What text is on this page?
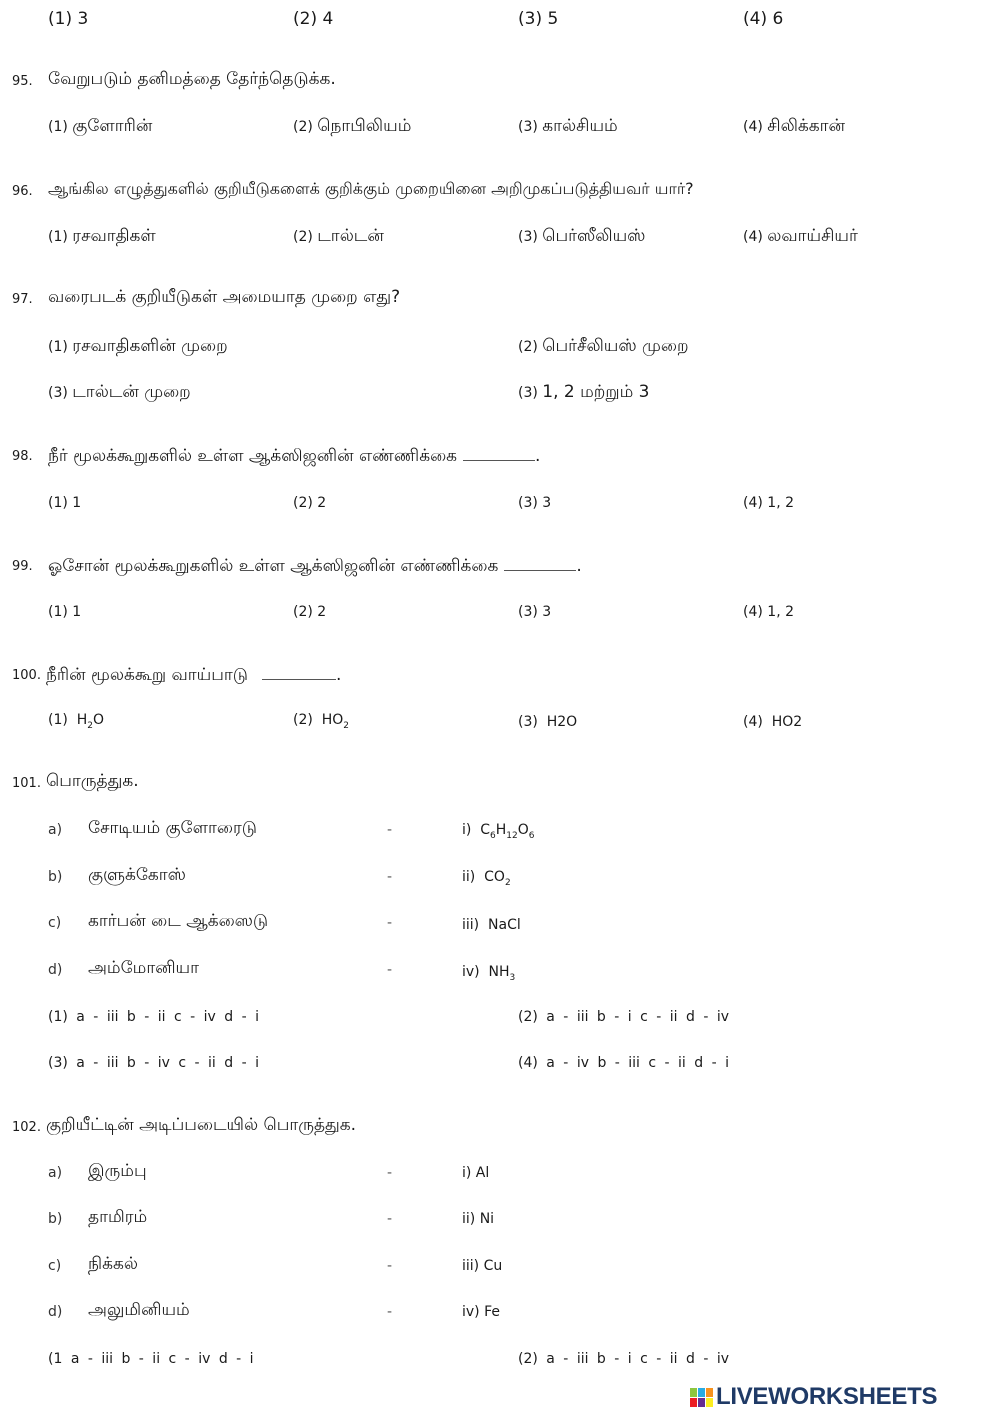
(1) 3	(2) 4	(3) 5	(4) 6
95. வேறுபடும் தனிமத்தை தேர்ந்தெடுக்க.
(1) குளோரின்	(2) நொபிலியம்	(3) கால்சியம்	(4) சிலிக்கான்
96. ஆங்கில எழுத்துகளில் குறியீடுகளைக் குறிக்கும் முறையினை அறிமுகப்படுத்தியவர் யார்?
(1) ரசவாதிகள்	(2) டால்டன்	(3) பெர்ஸீலியஸ்	(4) லவாய்சியர்
97. வரைபடக் குறியீடுகள் அமையாத முறை எது?
(1) ரசவாதிகளின் முறை	(2) பெர்சீலியஸ் முறை
(3) டால்டன் முறை	(3) 1, 2 மற்றும் 3
98. நீர் மூலக்கூறுகளில் உள்ள ஆக்ஸிஜனின் எண்ணிக்கை	.
(1) 1	(2) 2	(3) 3	(4) 1, 2
99. ஓசோன் மூலக்கூறுகளில் உள்ள ஆக்ஸிஜனின் எண்ணிக்கை	.
(1) 1	(2) 2	(3) 3	(4) 1, 2
100. நீரின் மூலக்கூறு வாய்பாடு	.
(1)  $H_2O$	(2)  $HO_2$	(3)  H2O	(4)  HO2
101. பொருத்துக.
a) சோடியம் குளோரைடு	-	i)  $C_6H_{12}O_6$
b) குளுக்கோஸ்	-	ii)  $CO_2$
c) கார்பன் டை ஆக்ஸைடு	-	iii)  NaCl
d) அம்மோனியா	-	iv)  $NH_3$
(1) a - iii b - ii c - iv d - i	(2) a - iii b - i c - ii d - iv
(3) a - iii b - iv c - ii d - i	(4) a - iv b - iii c - ii d - i
102. குறியீட்டின் அடிப்படையில் பொருத்துக.
a) இரும்பு	-	i) Al
b) தாமிரம்	-	ii) Ni
c) நிக்கல்	-	iii) Cu
d) அலுமினியம்	-	iv) Fe
(1 a - iii b - ii c - iv d - i	(2) a - iii b - i c - ii d - iv
LIVEWORKSHEETS
